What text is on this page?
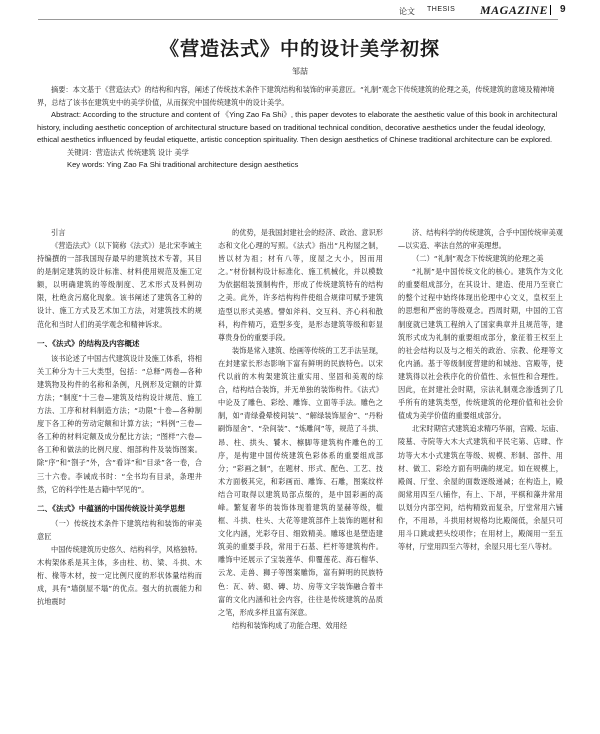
论文 THESIS MAGAZINE 9
《营造法式》中的设计美学初探
邹喆

摘要：本文基于《营造法式》的结构和内容，阐述了传统技术条件下建筑结构和装饰的审美意匠。“礼制”观念下传统建筑的伦理之美，传统建筑的意境及精神境界，总结了该书在建筑史中的美学价值，从而探究中国传统建筑中的设计美学。

Abstract: According to the structure and content of 《Ying Zao Fa Shi》, this paper devotes to elaborate the aesthetic value of this book in architectural history, including aesthetic conception of architectural structure based on traditional technical condition, decorative aesthetics under the feudal ideology, ethical aesthetics influenced by feudal etiquette, artistic conception spirituality. Then design aesthetics of Chinese traditional architecture can be explored.

关键词：营造法式 传统建筑 设计 美学

Key words: Ying Zao Fa Shi traditional architecture design aesthetics

引言

《营造法式》（以下简称《法式》）是北宋李诫主持编撰的一部我国现存最早的建筑技术专著，其目的是制定建筑的设计标准、材料使用规范及施工定额，以明确建筑的等级制度、艺术形式及料例功限，杜绝贪污腐化现象。该书阐述了建筑各工种的设计、施工方式及艺术加工方法，对建筑技术的规范化和当时人们的美学观念和精神诉求。

一、《法式》的结构及内容概述

该书论述了中国古代建筑设计及施工体系，将相关工种分为十三大类型，包括：“总释”两卷—各种建筑物及构件的名称和条例，凡例形及定额的计算方法；“制度”十三卷—建筑及结构设计规范、施工方法、工序和材料制造方法；“功限”十卷—各种制度下各工种的劳动定额和计算方法；“料例”三卷—各工种的材料定额及成分配比方法；“图样”六卷—各工种和做法的比例尺度、细部构件及装饰图案。除“序”和“劄子”外，含“看详”和“目录”各一卷，合三十六卷。李诫成书时：“全书均有目录，条理井然，它的科学性是古籍中罕见的”。

二、《法式》中蕴涵的中国传统设计美学思想
（一）传统技术条件下建筑结构和装饰的审美意匠

中国传统建筑历史悠久、结构科学，风格独特。木构架体系是其主体，多由柱、枋、梁、斗拱、木桁、椽等木材，按一定比例尺度的形状体量结构而成，具有“墙倒屋不塌”的优点。强大的抗震能力和抗地震时

的优势，是我国封建社会的经济、政治、意识形态和文化心理的写照。《法式》指出“凡构屋之制，皆以材为祖；材有八等，度屋之大小，因而用之。”材份制构设计标准化、施工机械化，并以模数为依据组装预制构件，形成了传统建筑特有的结构之美。此外，许多结构构件使组合规律可赋予建筑造型以形式美感。譬如斧科、交互科、齐心科和散科，构件精巧，造型多变，是形态建筑等级和彰显尊贵身份的重要手段。

装饰是常入建筑、绘画等传统的工艺手法呈现，在封建家长形态影响下富有鲜明的民族特色。以宋代以前的木构架建筑注重实用、坚固和美观的综合，结构结合装饰，并无单独的装饰构件。《法式》中论及了雕色、彩绘、雕饰、立面等手法。雕色之制，如“青绿叠晕棱间装”、“解绿装饰屋舍”、“丹粉刷饰屋舍”、“杂间装”、“炼雕间”等，规范了斗拱、昂、柱、拱头、饕木、檩脚等建筑构件雕色的工序，是构建中国传统建筑色彩体系的重要组成部分；“彩画之制”，在题材、形式、配色、工艺、技术方面极其完，和彩画而、雕饰、石雕，图案纹样结合可取得以建筑局部点缀的，是中国彩画的高峰。繁复奢华的装饰体现着建筑的显赫等级，槛框、斗拱、柱头、大花等建筑部件上装饰的题材和文化内涵，光彩夺目、细致精美。雕琢也是塑造建筑美的重要手段，常用于石基、栏杆等建筑构件。雕饰中还展示了宝装莲华、仰覆莲花、海石榴华、云龙、走兽、狮子等图案雕饰，富有鲜明的民族特色：瓦、砖、砌、磚、坊、房等文字装饰融合着丰富的文化内涵和社会内容，往往是传统建筑的品质之笔，形成多样且富有深意。

结构和装饰构成了功能合理、效用经

济、结构科学的传统建筑，合乎中国传统审美观—以实造、率法自然的审美理想。

（二）“礼制”观念下传统建筑的伦理之美

“礼制”是中国传统文化的核心。建筑作为文化的重要组成部分，在其设计、建造、使用乃至衰亡的整个过程中始终体现出伦理中心文义，皇权至上的思想和严密的等级观念。西周时期，中国的工官制度就已建筑工程纳入了国家典章并且规范等，建筑形式成为礼制的重要组成部分，象征着王权至上的社会结构以及与之相关的政治、宗教、伦理等文化内涵。基于等级制度营建的和城池、宫殿等，使建筑得以社会秩序化的价值性、永恒性和合理性。因此，在封建社会时期，宗法礼制观念渗透到了几乎所有的建筑类型，传统建筑的伦理价值和社会价值成为美学价值的重要组成部分。

北宋时期官式建筑追求精巧华丽，宫殿、坛庙、陵墓、寺院等大木大式建筑和平民宅第、店肆、作坊等大木小式建筑在等级、规模、形制、部件、用材、做工、彩绘方面有明确的规定。如在规模上，殿阁、厅堂、余屋的面数逐级递减；在构造上，殿阁常用四至八铺作，有上、下昂，平棋和藻井常用以划分内部空间，结构精致而复杂，厅堂常用六铺作，不用昂，斗拱用材规格均比殿阁低，余屋只可用斗口跳或把头绞项作；在用材上，殿阁用一至五等材，厅堂用四至六等材，余屋只用七至八等材。
